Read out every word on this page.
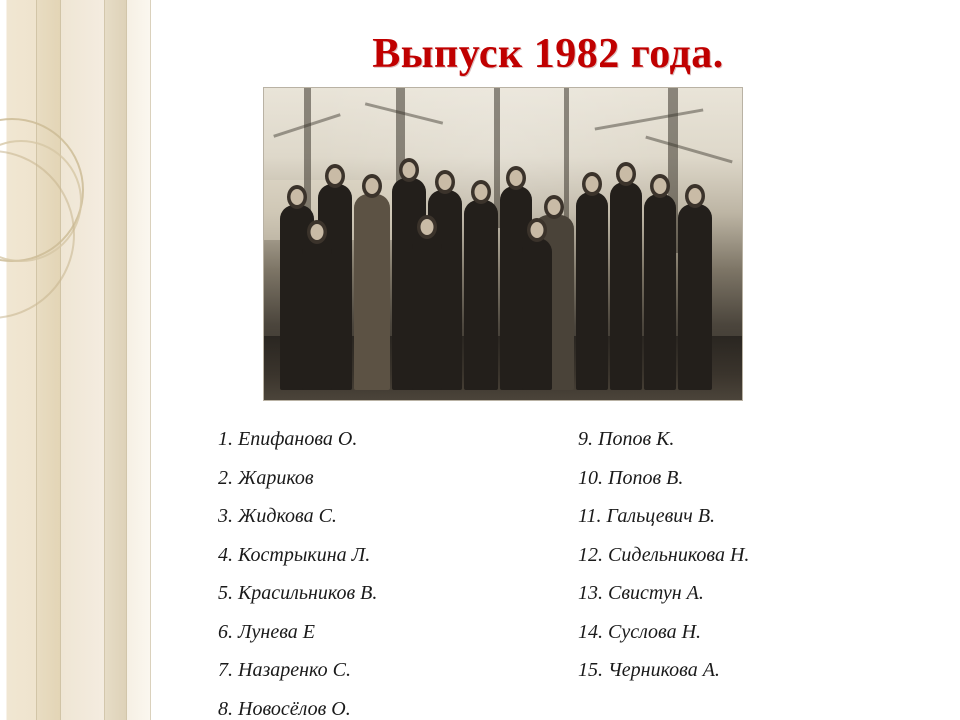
Выпуск 1982 года.
1. Епифанова О.
2. Жариков
3. Жидкова С.
4. Кострыкина Л.
5. Красильников В.
6. Лунева Е
7. Назаренко С.
8. Новосёлов О.
9. Попов К.
10. Попов В.
11. Гальцевич В.
12. Сидельникова Н.
13. Свистун А.
14. Суслова Н.
15. Черникова А.
